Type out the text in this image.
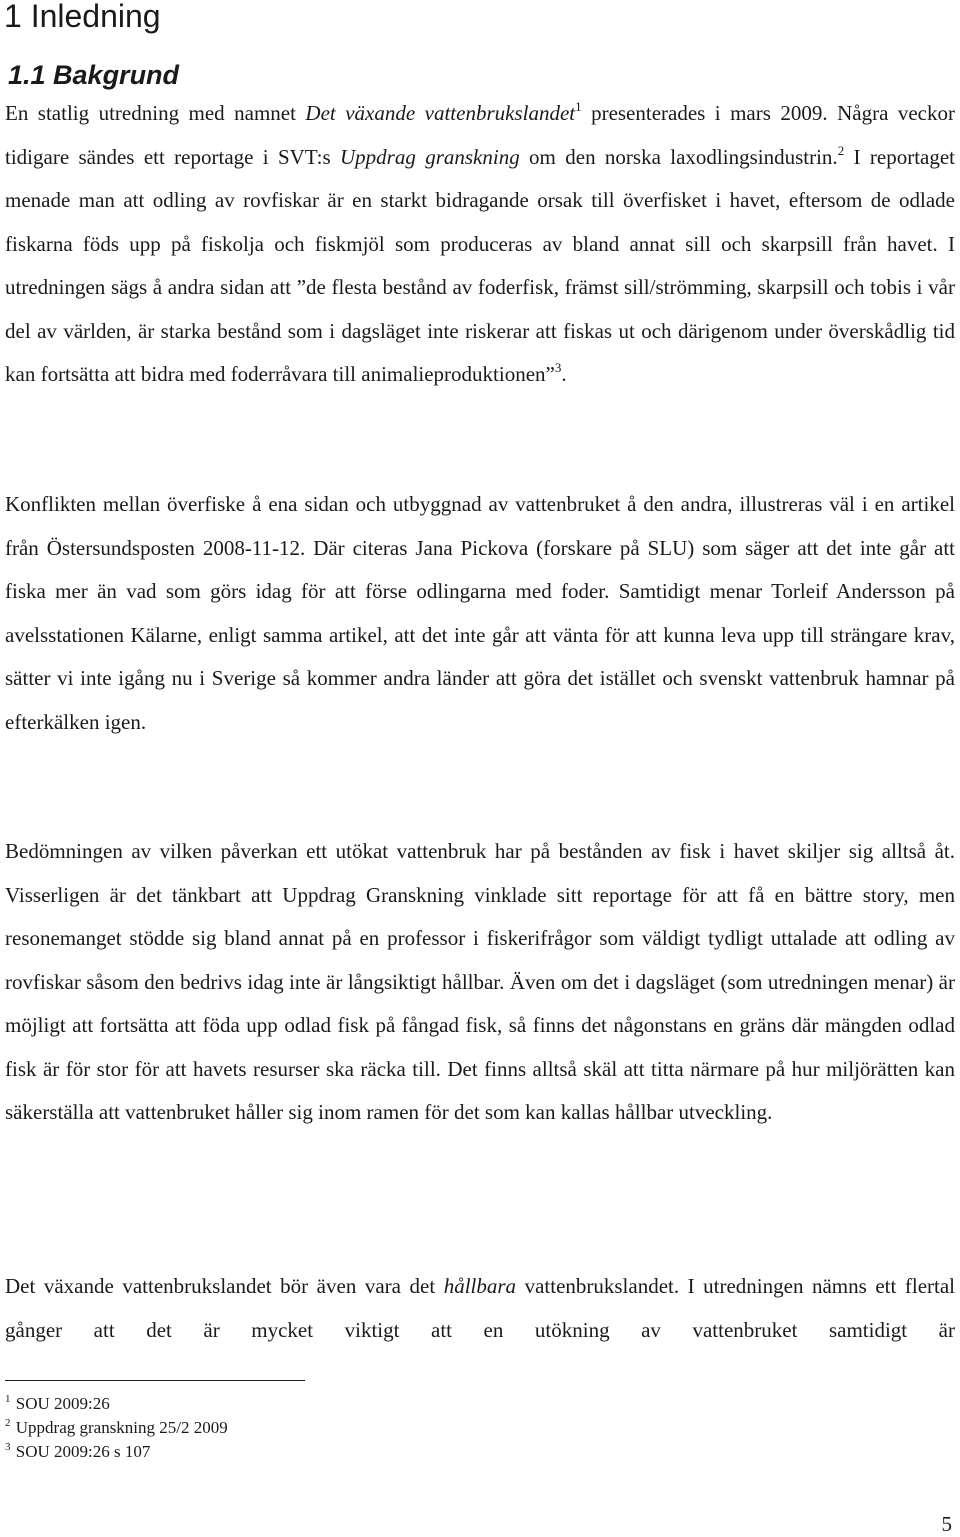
1 Inledning
1.1 Bakgrund

En statlig utredning med namnet Det växande vattenbrukslandet$^1$ presenterades i mars 2009. Några veckor tidigare sändes ett reportage i SVT:s Uppdrag granskning om den norska laxodlingsindustrin.$^2$ I reportaget menade man att odling av rovfiskar är en starkt bidragande orsak till överfisket i havet, eftersom de odlade fiskarna föds upp på fiskolja och fiskmjöl som produceras av bland annat sill och skarpsill från havet. I utredningen sägs å andra sidan att ”de flesta bestånd av foderfisk, främst sill/strömming, skarpsill och tobis i vår del av världen, är starka bestånd som i dagsläget inte riskerar att fiskas ut och därigenom under överskådlig tid kan fortsätta att bidra med foderråvara till animalieproduktionen”$^3$.

Konflikten mellan överfiske å ena sidan och utbyggnad av vattenbruket å den andra, illustreras väl i en artikel från Östersundsposten 2008-11-12. Där citeras Jana Pickova (forskare på SLU) som säger att det inte går att fiska mer än vad som görs idag för att förse odlingarna med foder. Samtidigt menar Torleif Andersson på avelsstationen Kälarne, enligt samma artikel, att det inte går att vänta för att kunna leva upp till strängare krav, sätter vi inte igång nu i Sverige så kommer andra länder att göra det istället och svenskt vattenbruk hamnar på efterkälken igen.

Bedömningen av vilken påverkan ett utökat vattenbruk har på bestånden av fisk i havet skiljer sig alltså åt. Visserligen är det tänkbart att Uppdrag Granskning vinklade sitt reportage för att få en bättre story, men resonemanget stödde sig bland annat på en professor i fiskerifrågor som väldigt tydligt uttalade att odling av rovfiskar såsom den bedrivs idag inte är långsiktigt hållbar. Även om det i dagsläget (som utredningen menar) är möjligt att fortsätta att föda upp odlad fisk på fångad fisk, så finns det någonstans en gräns där mängden odlad fisk är för stor för att havets resurser ska räcka till. Det finns alltså skäl att titta närmare på hur miljörätten kan säkerställa att vattenbruket håller sig inom ramen för det som kan kallas hållbar utveckling.

Det växande vattenbrukslandet bör även vara det hållbara vattenbrukslandet. I utredningen nämns ett flertal gånger att det är mycket viktigt att en utökning av vattenbruket samtidigt är

$^1$ SOU 2009:26
$^2$ Uppdrag granskning 25/2 2009
$^3$ SOU 2009:26 s 107
5
